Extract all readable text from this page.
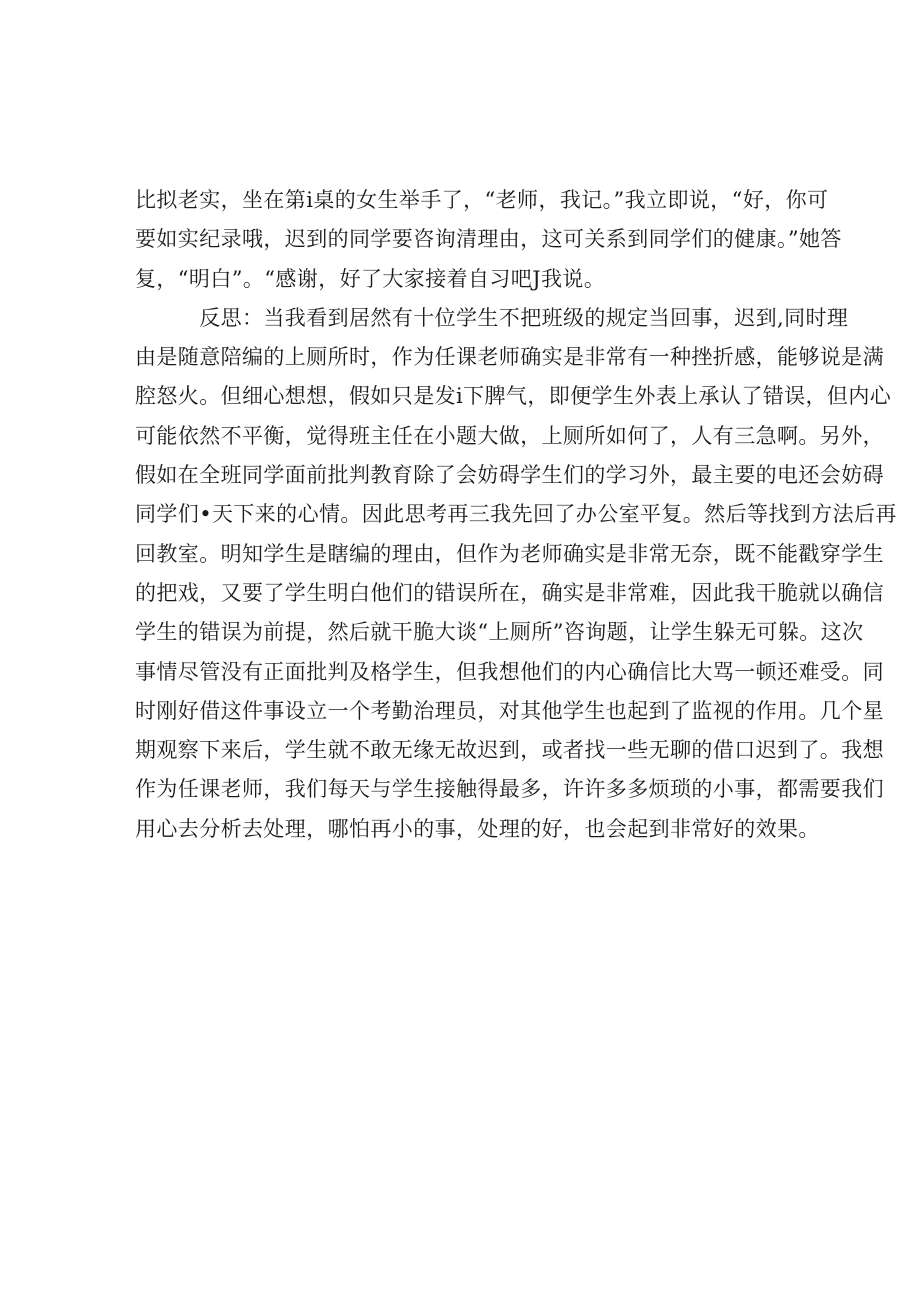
比拟老实，坐在第i桌的女生举手了，“老师，我记。”我立即说，“好，你可
要如实纪录哦，迟到的同学要咨询清理由，这可关系到同学们的健康。”她答
复，“明白”。“感谢，好了大家接着自习吧J我说。
　　　反思：当我看到居然有十位学生不把班级的规定当回事，迟到,同时理
由是随意陪编的上厕所时，作为任课老师确实是非常有一种挫折感，能够说是满
腔怒火。但细心想想，假如只是发i下脾气，即便学生外表上承认了错误，但内心
可能依然不平衡，觉得班主任在小题大做，上厕所如何了，人有三急啊。另外，
假如在全班同学面前批判教育除了会妨碍学生们的学习外，最主要的电还会妨碍
同学们•天下来的心情。因此思考再三我先回了办公室平复。然后等找到方法后再
回教室。明知学生是瞎编的理由，但作为老师确实是非常无奈，既不能戳穿学生
的把戏，又要了学生明白他们的错误所在，确实是非常难，因此我干脆就以确信
学生的错误为前提，然后就干脆大谈“上厕所”咨询题，让学生躲无可躲。这次
事情尽管没有正面批判及格学生，但我想他们的内心确信比大骂一顿还难受。同
时刚好借这件事设立一个考勤治理员，对其他学生也起到了监视的作用。几个星
期观察下来后，学生就不敢无缘无故迟到，或者找一些无聊的借口迟到了。我想
作为任课老师，我们每天与学生接触得最多，许许多多烦琐的小事，都需要我们
用心去分析去处理，哪怕再小的事，处理的好，也会起到非常好的效果。
